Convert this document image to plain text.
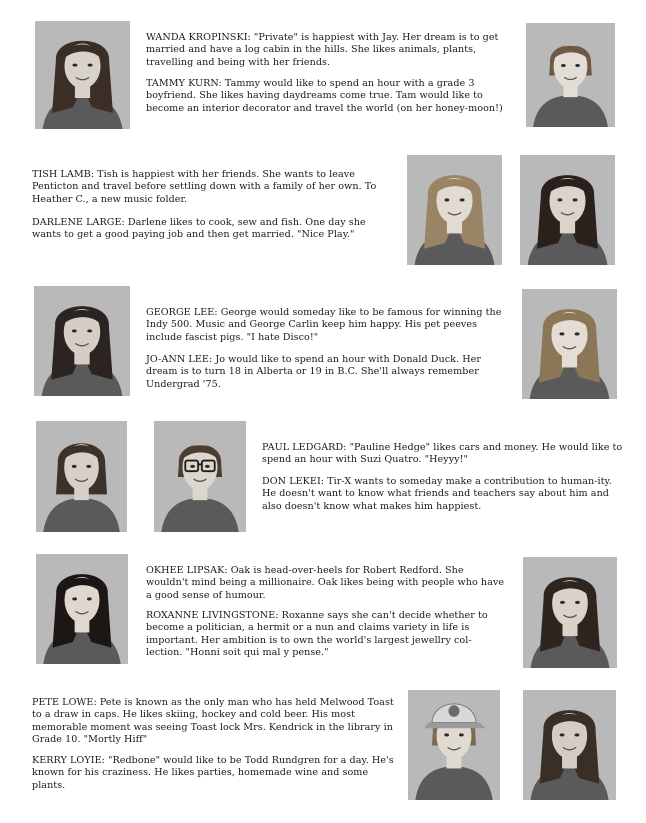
WANDA KROPINSKI: "Private" is happiest with Jay. Her dream is to get married and have a log cabin in the hills. She likes animals, plants, travelling and being with her friends.

TAMMY KURN: Tammy would like to spend an hour with a grade 3 boyfriend. She likes having daydreams come true. Tam would like to become an interior decorator and travel the world (on her honey-moon!)

TISH LAMB: Tish is happiest with her friends. She wants to leave Penticton and travel before settling down with a family of her own. To Heather C., a new music folder.

DARLENE LARGE: Darlene likes to cook, sew and fish. One day she wants to get a good paying job and then get married. "Nice Play."

GEORGE LEE: George would someday like to be famous for winning the Indy 500. Music and George Carlin keep him happy. His pet peeves include fascist pigs. "I hate Disco!"

JO-ANN LEE: Jo would like to spend an hour with Donald Duck. Her dream is to turn 18 in Alberta or 19 in B.C. She'll always remember Undergrad '75.

PAUL LEDGARD: "Pauline Hedge" likes cars and money. He would like to spend an hour with Suzi Quatro. "Heyyy!"

DON LEKEI: Tir-X wants to someday make a contribution to human-ity. He doesn't want to know what friends and teachers say about him and also doesn't know what makes him happiest.

OKHEE LIPSAK: Oak is head-over-heels for Robert Redford. She wouldn't mind being a millionaire. Oak likes being with people who have a good sense of humour.

ROXANNE LIVINGSTONE: Roxanne says she can't decide whether to become a politician, a hermit or a nun and claims variety in life is important. Her ambition is to own the world's largest jewellry col-lection. "Honni soit qui mal y pense."

PETE LOWE: Pete is known as the only man who has held Melwood Toast to a draw in caps. He likes skiing, hockey and cold beer. His most memorable moment was seeing Toast lock Mrs. Kendrick in the library in Grade 10. "Mortly Hiff"

KERRY LOYIE: "Redbone" would like to be Todd Rundgren for a day. He's known for his craziness. He likes parties, homemade wine and some plants.
